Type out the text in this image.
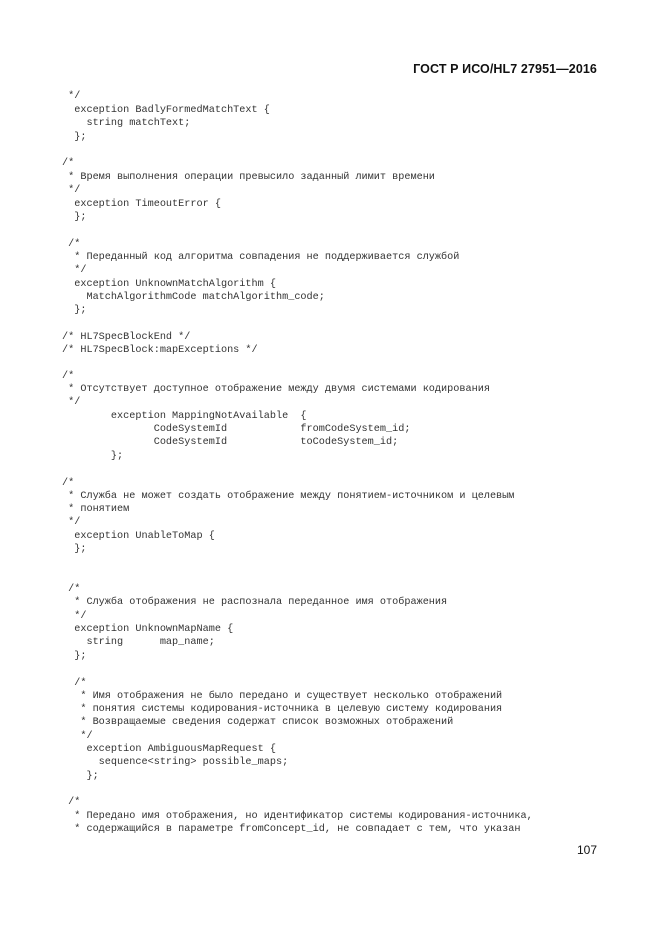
ГОСТ Р ИСО/HL7 27951—2016
*/
exception BadlyFormedMatchText {
string matchText;
};
/*
* Время выполнения операции превысило заданный лимит времени
*/
exception TimeoutError {
};
/*
* Переданный код алгоритма совпадения не поддерживается службой
*/
exception UnknownMatchAlgorithm {
MatchAlgorithmCode matchAlgorithm_code;
};
/* HL7SpecBlockEnd */
/* HL7SpecBlock:mapExceptions */
/*
* Отсутствует доступное отображение между двумя системами кодирования
*/
exception MappingNotAvailable  {
CodeSystemId            fromCodeSystem_id;
CodeSystemId            toCodeSystem_id;
};
/*
* Служба не может создать отображение между понятием-источником и целевым
* понятием
*/
exception UnableToMap {
};
/*
* Служба отображения не распознала переданное имя отображения
*/
exception UnknownMapName {
string      map_name;
};
/*
* Имя отображения не было передано и существует несколько отображений
* понятия системы кодирования-источника в целевую систему кодирования
* Возвращаемые сведения содержат список возможных отображений
*/
exception AmbiguousMapRequest {
sequence<string> possible_maps;
};
/*
* Передано имя отображения, но идентификатор системы кодирования-источника,
* содержащийся в параметре fromConcept_id, не совпадает с тем, что указан
107
